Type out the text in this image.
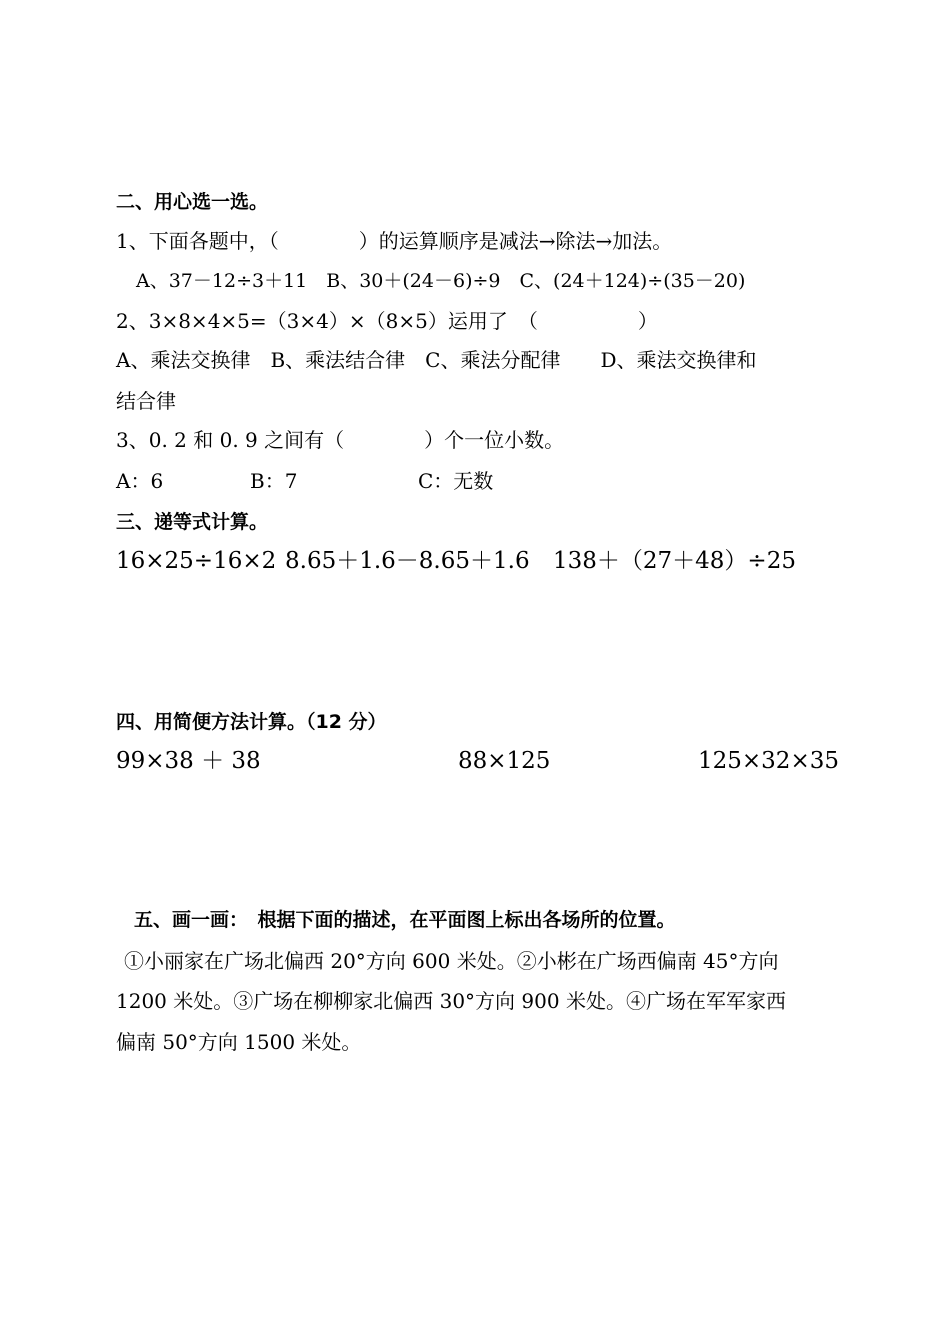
二、用心选一选。
1、下面各题中，（　　　　）的运算顺序是减法→除法→加法。
A、37－12÷3＋11　B、30＋(24－6)÷9　C、(24＋124)÷(35－20)
2、3×8×4×5=（3×4）×（8×5）运用了　（　　　　　）
A、乘法交换律　B、乘法结合律　C、乘法分配律　　D、乘法交换律和
结合律
3、0. 2 和 0. 9 之间有（　　　　）个一位小数。
A：6	B：7	C：无数
三、递等式计算。
16×25÷16×2 8.65＋1.6－8.65＋1.6 138＋（27＋48）÷25
四、用简便方法计算。（12 分）
99×38 ＋ 38	88×125	125×32×35
五、画一画：　根据下面的描述，在平面图上标出各场所的位置。
①小丽家在广场北偏西 20°方向 600 米处。②小彬在广场西偏南 45°方向
1200 米处。③广场在柳柳家北偏西 30°方向 900 米处。④广场在军军家西
偏南 50°方向 1500 米处。
